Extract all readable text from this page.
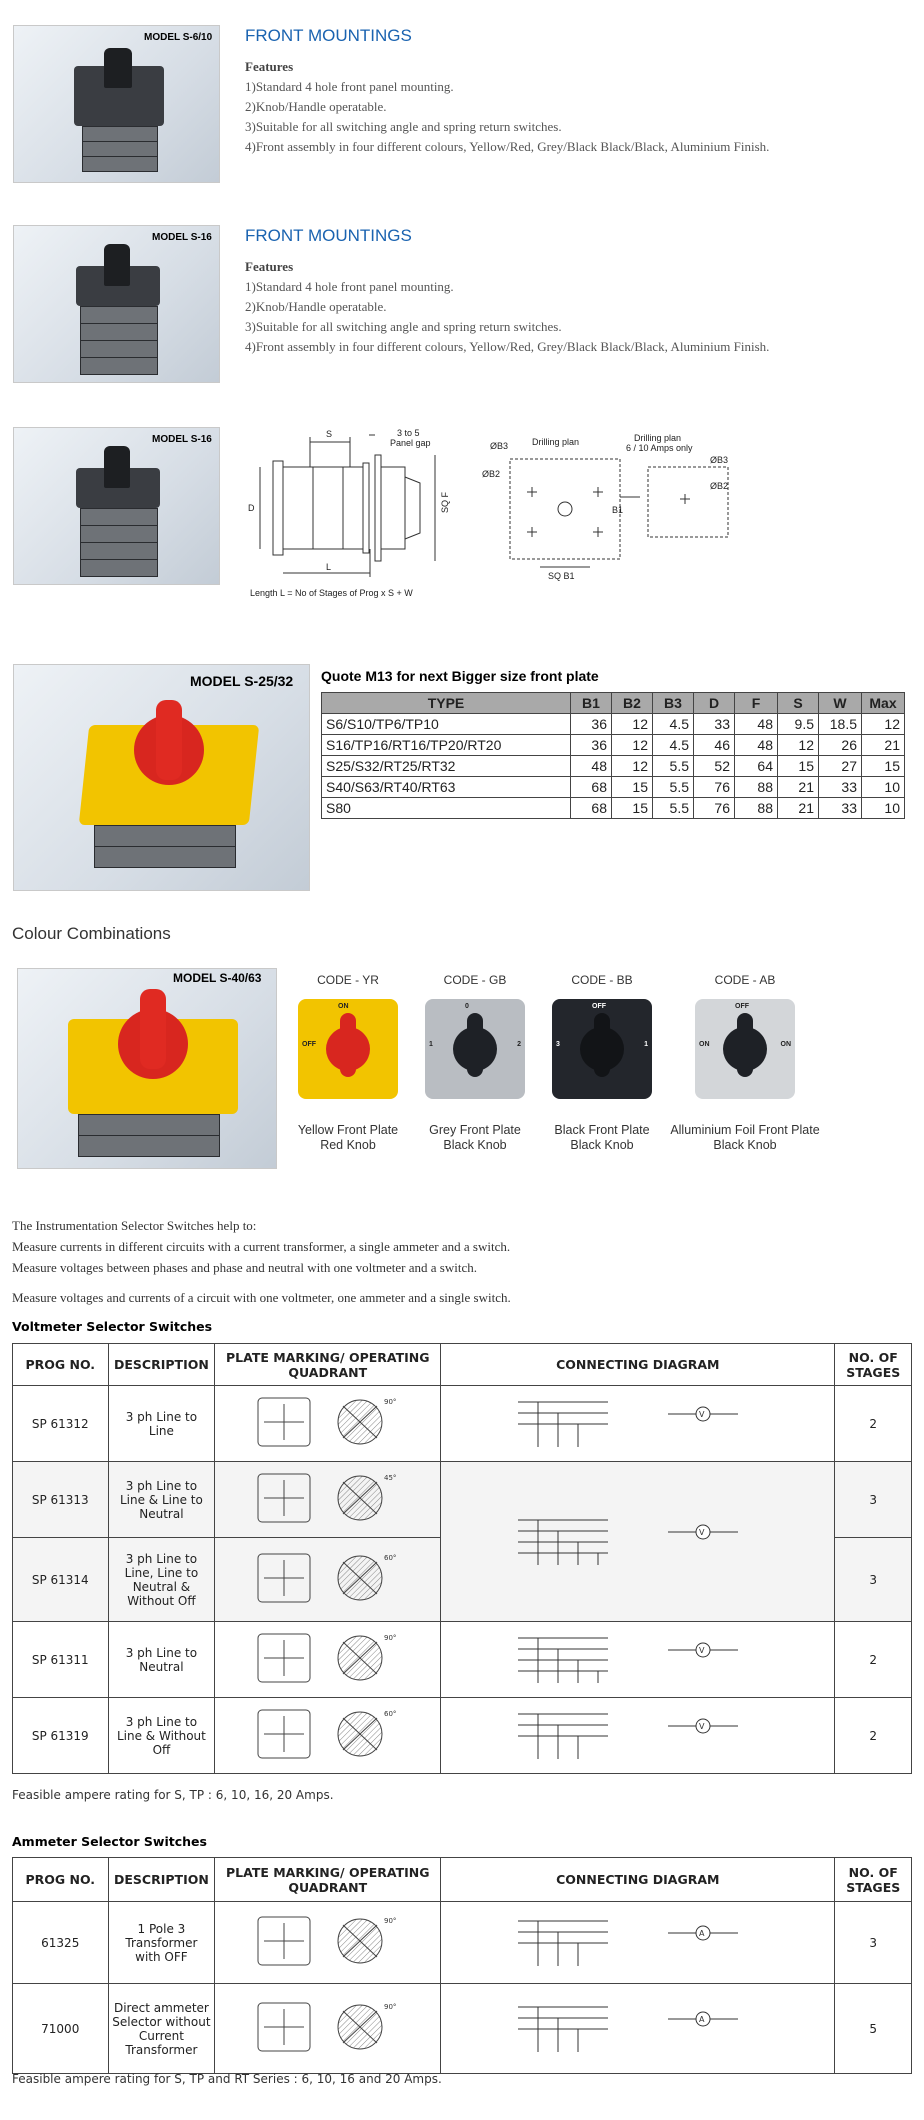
MODEL S-6/10 FRONT MOUNTINGS
Features
1)Standard 4 hole front panel mounting.
2)Knob/Handle operatable.
3)Suitable for all switching angle and spring return switches.
4)Front assembly in four different colours, Yellow/Red, Grey/Black Black/Black, Aluminium Finish.
MODEL S-16 FRONT MOUNTINGS
Features
1)Standard 4 hole front panel mounting.
2)Knob/Handle operatable.
3)Suitable for all switching angle and spring return switches.
4)Front assembly in four different colours, Yellow/Red, Grey/Black Black/Black, Aluminium Finish.
MODEL S-16	S	3 to 5
Panel gap
D	SQ F
L
Length L = No of Stages of Prog x S + W
ØB3
ØB2
Drilling plan	Drilling plan
6 / 10 Amps only
ØB3
ØB2
B1
SQ B1
MODEL S-25/32 Quote M13 for next Bigger size front plate
TYPE	B1	B2	B3	D	F	S	W	Max
S6/S10/TP6/TP10	36	12	4.5	33	48	9.5	18.5	12
S16/TP16/RT16/TP20/RT20	36	12	4.5	46	48	12	26	21
S25/S32/RT25/RT32	48	12	5.5	52	64	15	27	15
S40/S63/RT40/RT63	68	15	5.5	76	88	21	33	10
S80	68	15	5.5	76	88	21	33	10
Colour Combinations
MODEL S-40/63	CODE - YR
ON
OFF
Yellow Front Plate
Red Knob
CODE - GB
0
1	2
Grey Front Plate
Black Knob
CODE - BB
OFF
3	1
Black Front Plate
Black Knob
CODE - AB
OFF
ON	ON
Alluminium Foil Front Plate
Black Knob
The Instrumentation Selector Switches help to:
Measure currents in different circuits with a current transformer, a single ammeter and a switch.
Measure voltages between phases and phase and neutral with one voltmeter and a switch.
Measure voltages and currents of a circuit with one voltmeter, one ammeter and a single switch.
Voltmeter Selector Switches
PROG NO.	DESCRIPTION	PLATE MARKING/ OPERATING QUADRANT	CONNECTING DIAGRAM	NO. OF STAGES
SP 61312	3 ph Line to Line	90°	V	2
SP 61313	3 ph Line to Line & Line to Neutral	45°	V	3
SP 61314	3 ph Line to Line, Line to Neutral & Without Off	60°		3
SP 61311	3 ph Line to Neutral	90°	V	2
SP 61319	3 ph Line to Line & Without Off	60°	V	2
Feasible ampere rating for S, TP : 6, 10, 16, 20 Amps.
Ammeter Selector Switches
PROG NO.	DESCRIPTION	PLATE MARKING/ OPERATING QUADRANT	CONNECTING DIAGRAM	NO. OF STAGES
61325	1 Pole 3 Transformer with OFF	90°	A	3
71000	Direct ammeter Selector without Current Transformer	90°	A	5
Feasible ampere rating for S, TP and RT Series : 6, 10, 16 and 20 Amps.
